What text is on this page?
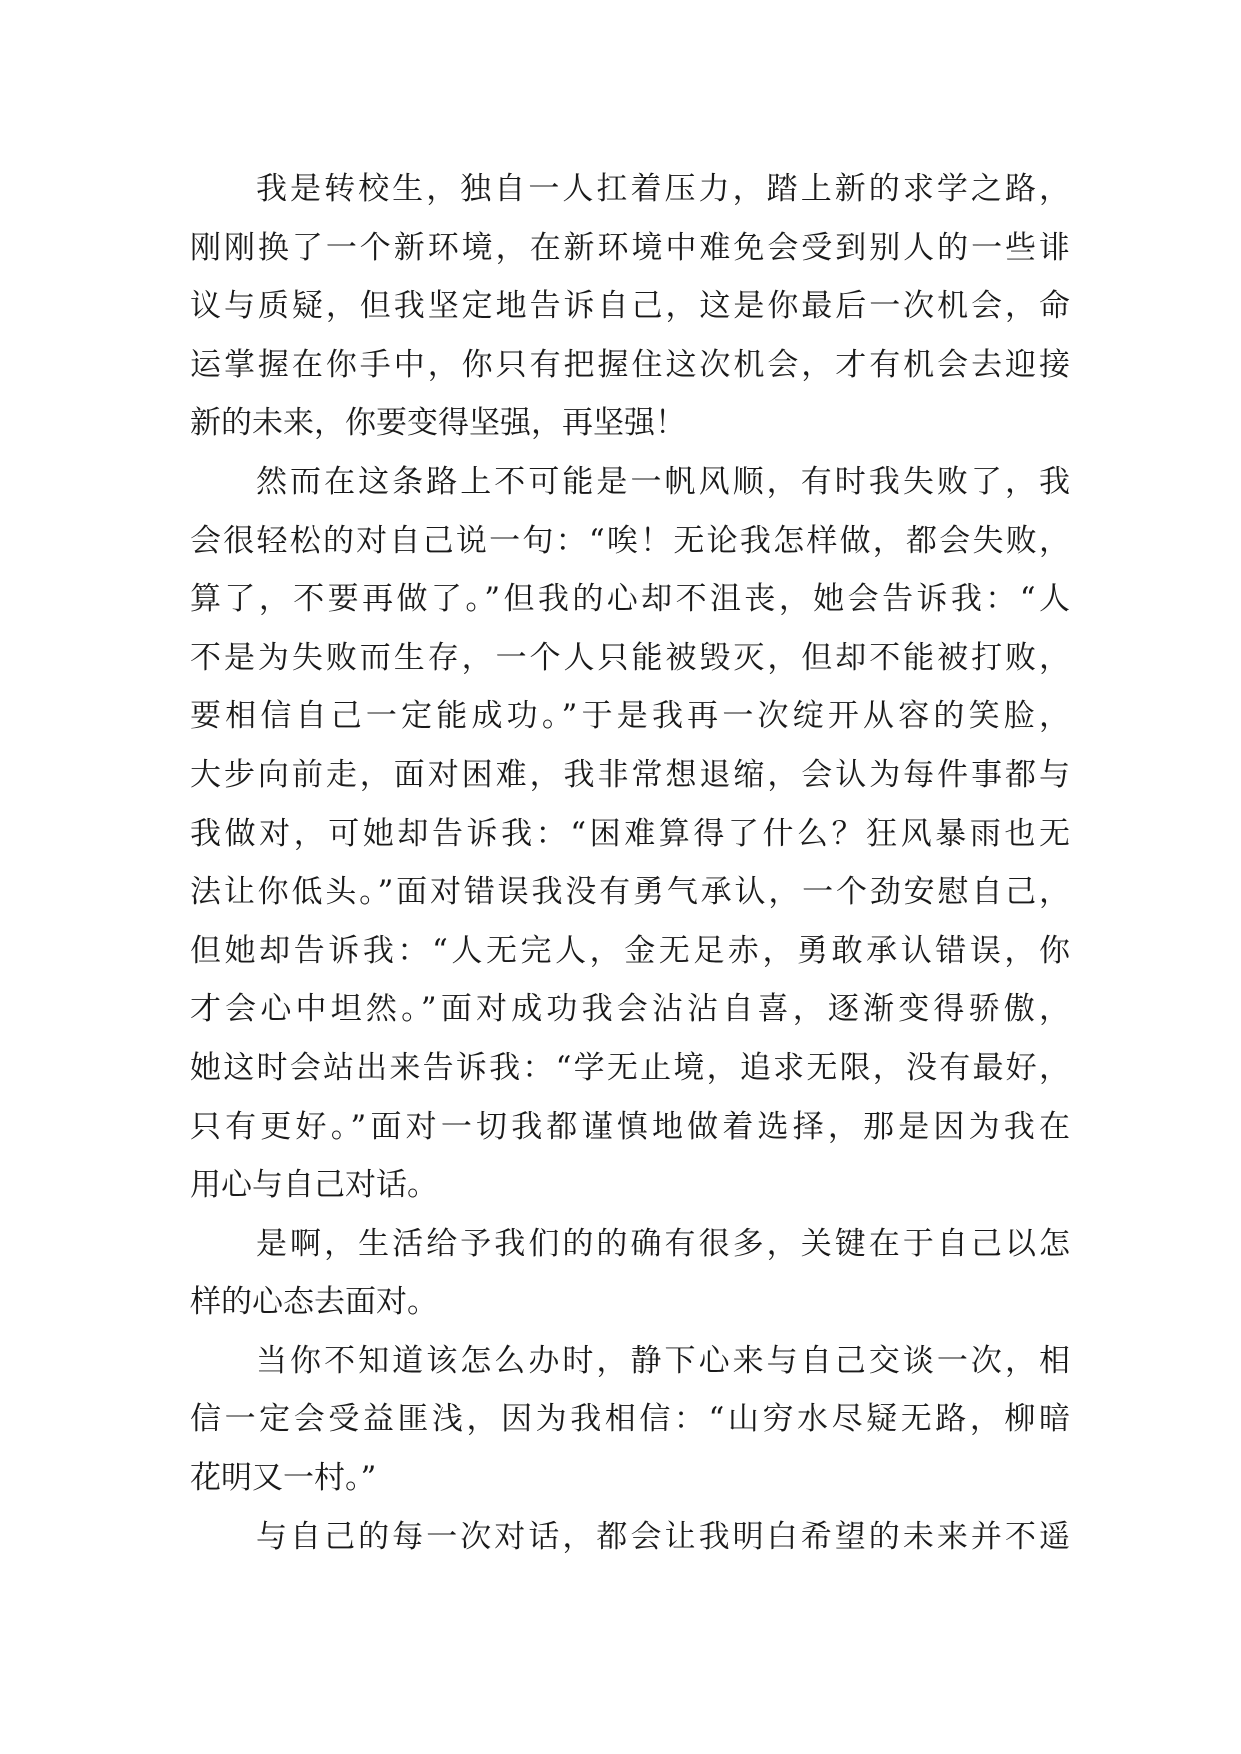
我是转校生，独自一人扛着压力，踏上新的求学之路，
刚刚换了一个新环境，在新环境中难免会受到别人的一些诽
议与质疑，但我坚定地告诉自己，这是你最后一次机会，命
运掌握在你手中，你只有把握住这次机会，才有机会去迎接
新的未来，你要变得坚强，再坚强！
然而在这条路上不可能是一帆风顺，有时我失败了，我
会很轻松的对自己说一句：“唉！无论我怎样做，都会失败，
算了，不要再做了。”但我的心却不沮丧，她会告诉我：“人
不是为失败而生存，一个人只能被毁灭，但却不能被打败，
要相信自己一定能成功。”于是我再一次绽开从容的笑脸，
大步向前走，面对困难，我非常想退缩，会认为每件事都与
我做对，可她却告诉我：“困难算得了什么？狂风暴雨也无
法让你低头。”面对错误我没有勇气承认，一个劲安慰自己，
但她却告诉我：“人无完人，金无足赤，勇敢承认错误，你
才会心中坦然。”面对成功我会沾沾自喜，逐渐变得骄傲，
她这时会站出来告诉我：“学无止境，追求无限，没有最好，
只有更好。”面对一切我都谨慎地做着选择，那是因为我在
用心与自己对话。
是啊，生活给予我们的的确有很多，关键在于自己以怎
样的心态去面对。
当你不知道该怎么办时，静下心来与自己交谈一次，相
信一定会受益匪浅，因为我相信：“山穷水尽疑无路，柳暗
花明又一村。”
与自己的每一次对话，都会让我明白希望的未来并不遥
